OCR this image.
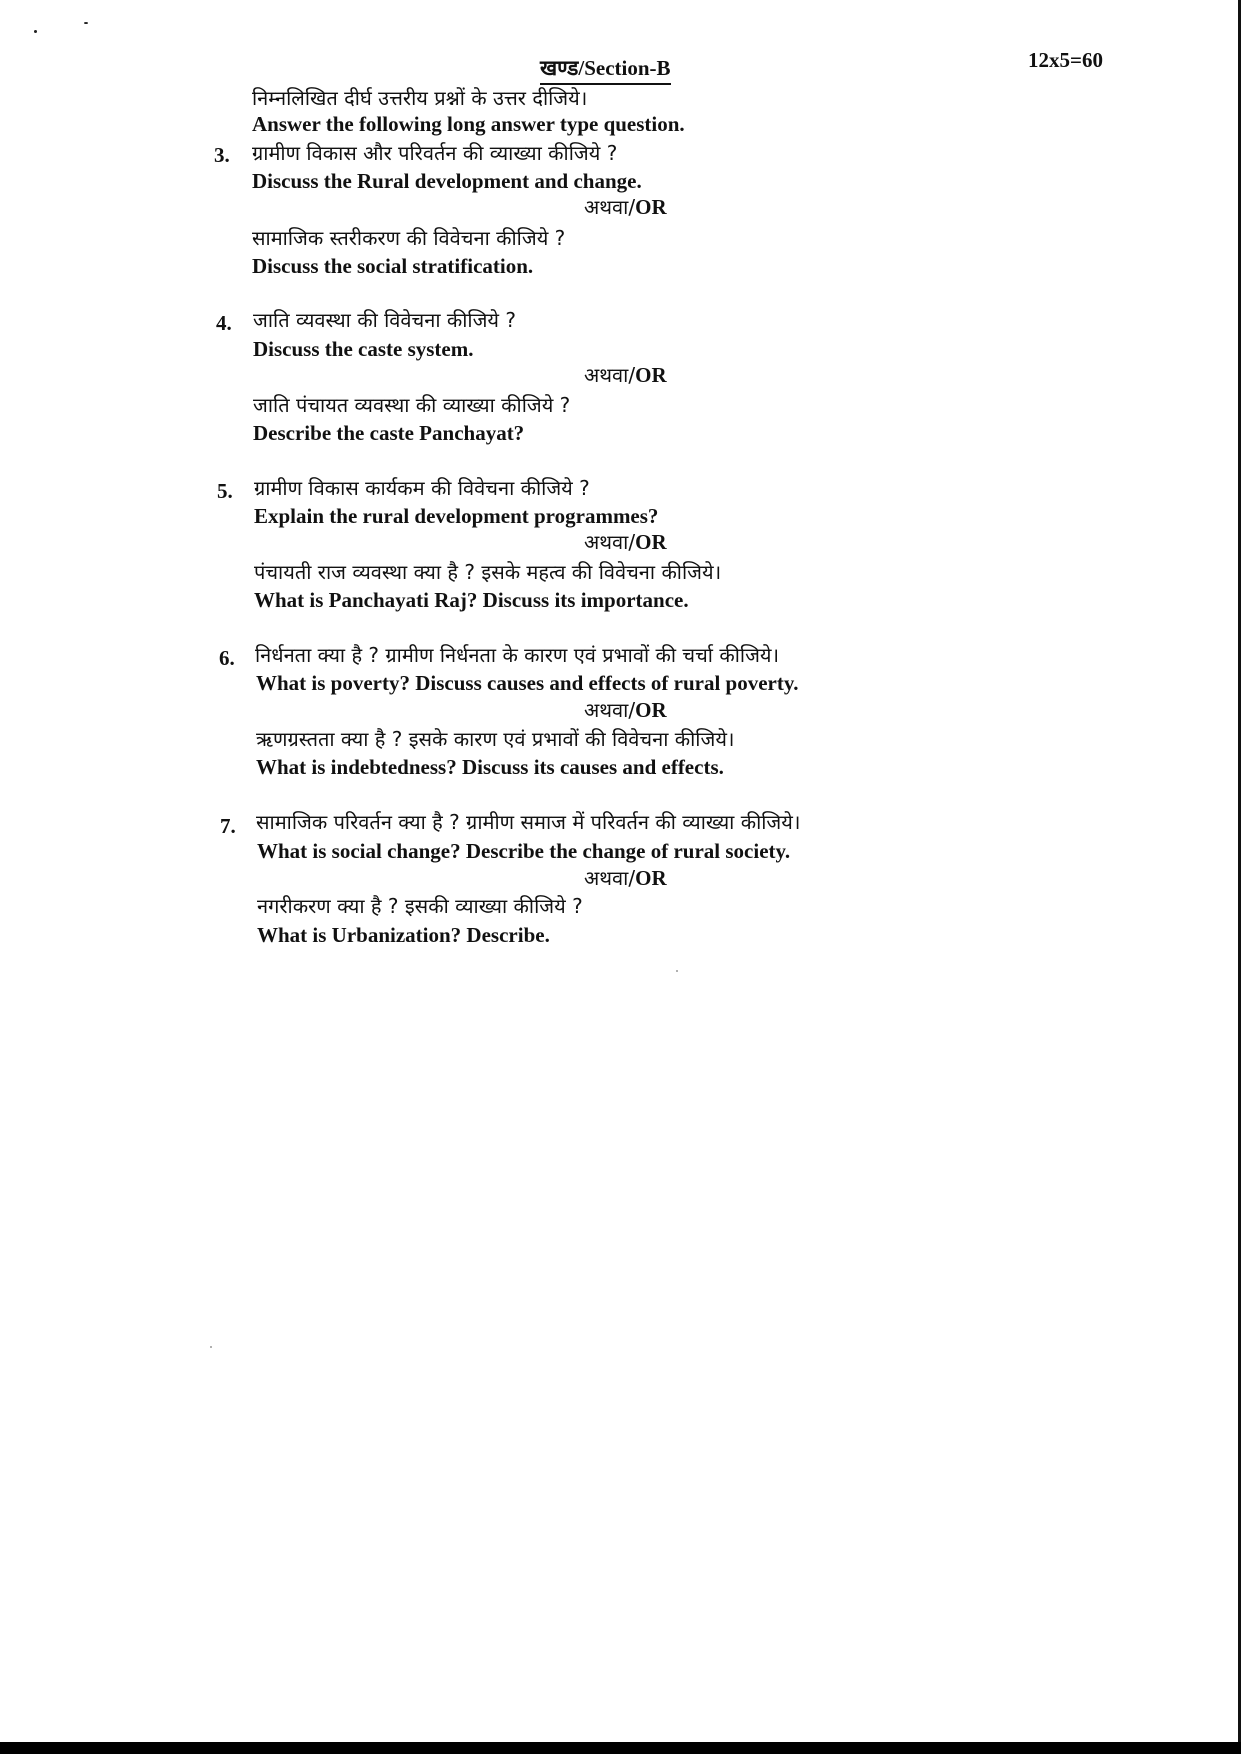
खण्ड/Section-B	12x5=60
निम्नलिखित दीर्घ उत्तरीय प्रश्नों के उत्तर दीजिये।
Answer the following long answer type question.
3. ग्रामीण विकास और परिवर्तन की व्याख्या कीजिये ?
Discuss the Rural development and change.
अथवा/OR
सामाजिक स्तरीकरण की विवेचना कीजिये ?
Discuss the social stratification.
4. जाति व्यवस्था की विवेचना कीजिये ?
Discuss the caste system.
अथवा/OR
जाति पंचायत व्यवस्था की व्याख्या कीजिये ?
Describe the caste Panchayat?
5. ग्रामीण विकास कार्यकम की विवेचना कीजिये ?
Explain the rural development programmes?
अथवा/OR
पंचायती राज व्यवस्था क्या है ? इसके महत्व की विवेचना कीजिये।
What is Panchayati Raj? Discuss its importance.
6. निर्धनता क्या है ? ग्रामीण निर्धनता के कारण एवं प्रभावों की चर्चा कीजिये।
What is poverty? Discuss causes and effects of rural poverty.
अथवा/OR
ऋणग्रस्तता क्या है ? इसके कारण एवं प्रभावों की विवेचना कीजिये।
What is indebtedness? Discuss its causes and effects.
7. सामाजिक परिवर्तन क्या है ? ग्रामीण समाज में परिवर्तन की व्याख्या कीजिये।
What is social change? Describe the change of rural society.
अथवा/OR
नगरीकरण क्या है ? इसकी व्याख्या कीजिये ?
What is Urbanization? Describe.
